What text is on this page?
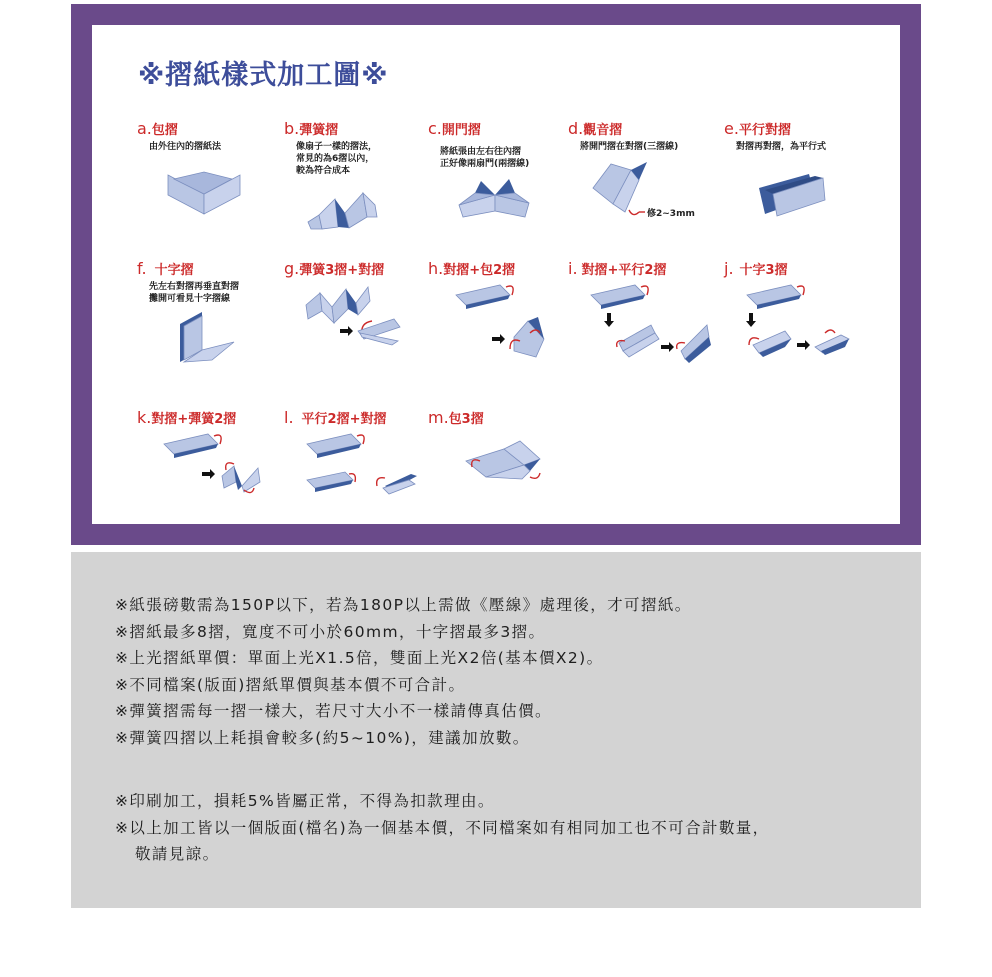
※摺紙樣式加工圖※
a.包摺
由外往內的摺紙法
b.彈簧摺
像扇子一樣的摺法，
常見的為6摺以內，
較為符合成本
c.開門摺
將紙張由左右往內摺
正好像兩扇門(兩摺線)
d.觀音摺
將開門摺在對摺(三摺線)
e.平行對摺
對摺再對摺，為平行式
修2~3mm
f. 十字摺
先左右對摺再垂直對摺
攤開可看見十字摺線
g.彈簧3摺+對摺	h.對摺+包2摺	i. 對摺+平行2摺	j. 十字3摺
k.對摺+彈簧2摺	l. 平行2摺+對摺	m.包3摺
※紙張磅數需為150P以下，若為180P以上需做《壓線》處理後，才可摺紙。
※摺紙最多8摺，寬度不可小於60mm，十字摺最多3摺。
※上光摺紙單價：單面上光X1.5倍，雙面上光X2倍(基本價X2)。
※不同檔案(版面)摺紙單價與基本價不可合計。
※彈簧摺需每一摺一樣大，若尺寸大小不一樣請傳真估價。
※彈簧四摺以上耗損會較多(約5~10%)，建議加放數。
※印刷加工，損耗5%皆屬正常，不得為扣款理由。
※以上加工皆以一個版面(檔名)為一個基本價，不同檔案如有相同加工也不可合計數量，
敬請見諒。
